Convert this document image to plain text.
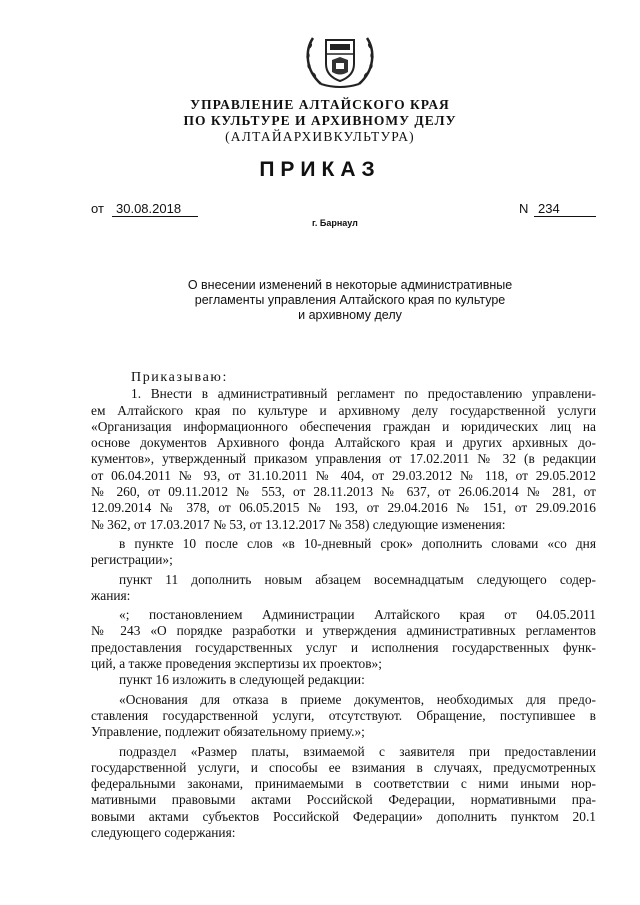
УПРАВЛЕНИЕ АЛТАЙСКОГО КРАЯ
ПО КУЛЬТУРЕ И АРХИВНОМУ ДЕЛУ
(АЛТАЙАРХИВКУЛЬТУРА)
ПРИКАЗ
от 30.08.2018	N 234
г. Барнаул
О внесении изменений в некоторые административные
регламенты управления Алтайского края по культуре
и архивному делу
Приказываю:
1. Внести в административный регламент по предоставлению управлени-
ем Алтайского края по культуре и архивному делу государственной услуги
«Организация информационного обеспечения граждан и юридических лиц на
основе документов Архивного фонда Алтайского края и других архивных до-
кументов», утвержденный приказом управления от 17.02.2011 № 32 (в редакции
от 06.04.2011 № 93, от 31.10.2011 № 404, от 29.03.2012 № 118, от 29.05.2012
№ 260, от 09.11.2012 № 553, от 28.11.2013 № 637, от 26.06.2014 № 281, от
12.09.2014 № 378, от 06.05.2015 № 193, от 29.04.2016 № 151, от 29.09.2016
№ 362, от 17.03.2017 № 53, от 13.12.2017 № 358) следующие изменения:
в пункте 10 после слов «в 10-дневный срок» дополнить словами «со дня
регистрации»;
пункт 11 дополнить новым абзацем восемнадцатым следующего содер-
жания:
«; постановлением Администрации Алтайского края от 04.05.2011
№ 243 «О порядке разработки и утверждения административных регламентов
предоставления государственных услуг и исполнения государственных функ-
ций, а также проведения экспертизы их проектов»;
пункт 16 изложить в следующей редакции:
«Основания для отказа в приеме документов, необходимых для предо-
ставления государственной услуги, отсутствуют. Обращение, поступившее в
Управление, подлежит обязательному приему.»;
подраздел «Размер платы, взимаемой с заявителя при предоставлении
государственной услуги, и способы ее взимания в случаях, предусмотренных
федеральными законами, принимаемыми в соответствии с ними иными нор-
мативными правовыми актами Российской Федерации, нормативными пра-
вовыми актами субъектов Российской Федерации» дополнить пунктом 20.1
следующего содержания:
